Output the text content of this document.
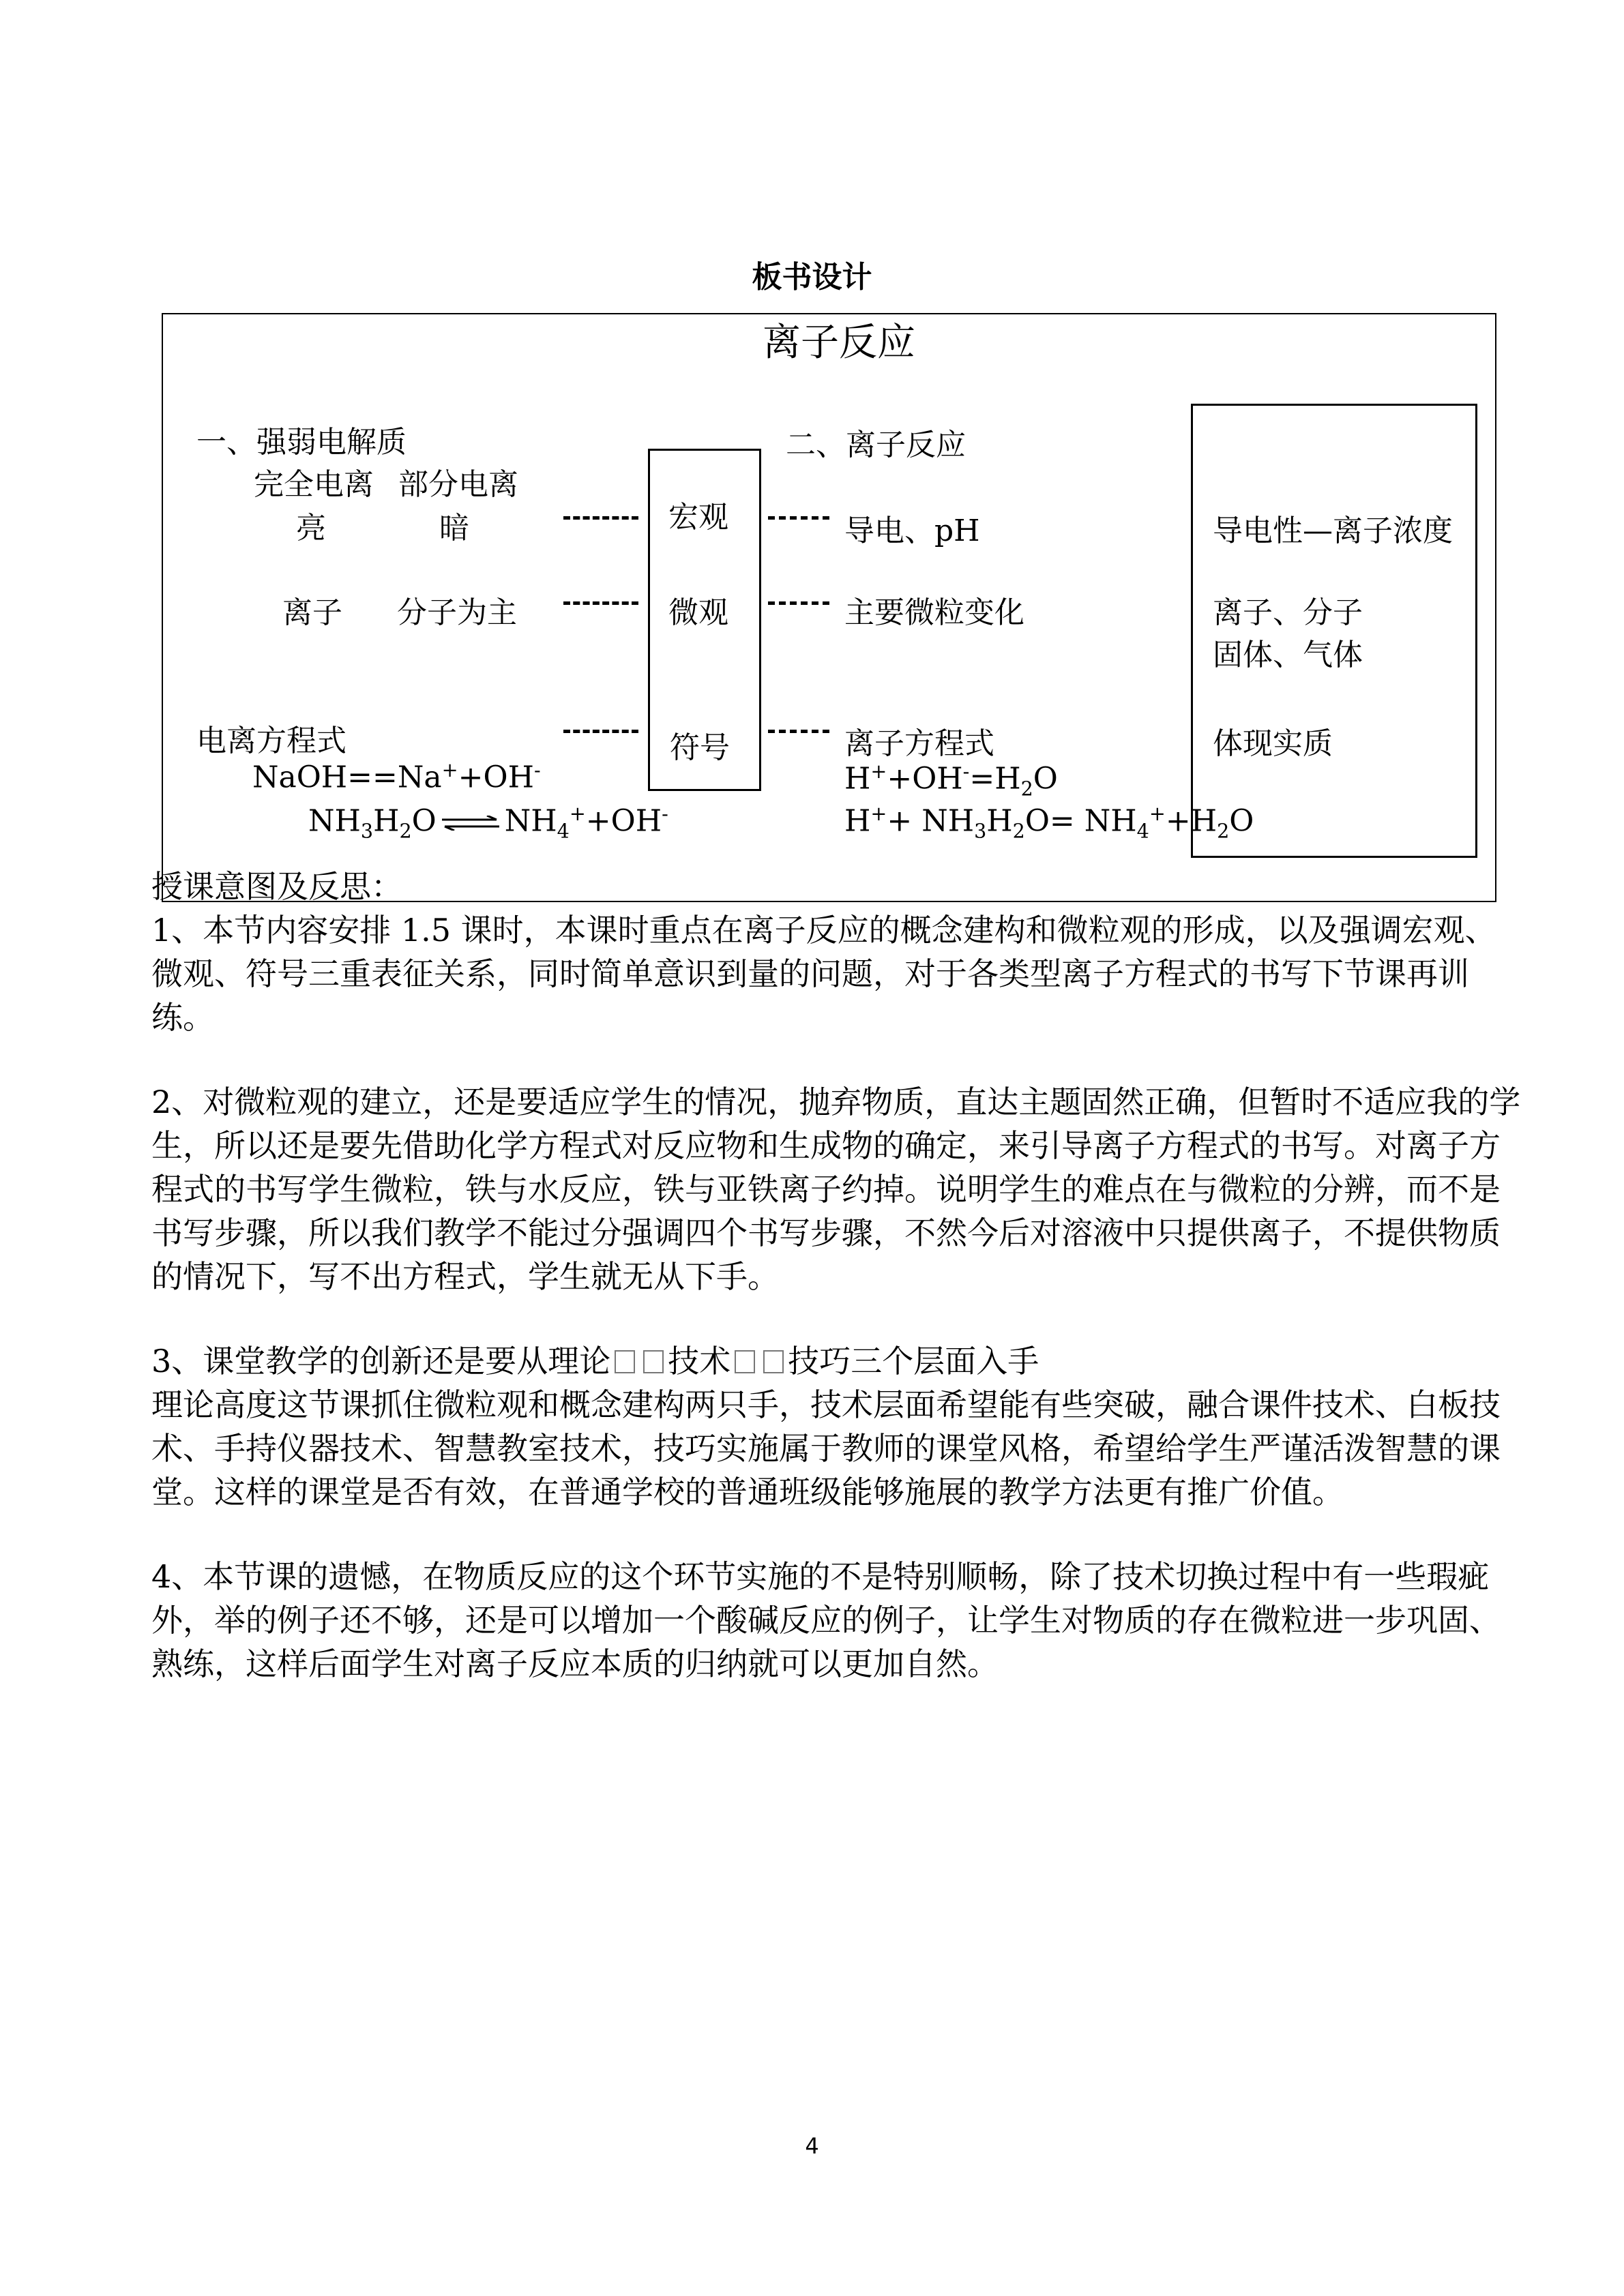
板书设计
离子反应
一、强弱电解质
完全电离 部分电离
亮	暗
离子 分子为主
电离方程式
NaOH==Na++OH-
$NH_3H_2O$ ⇌ $NH_4^++OH^-$
宏观
微观
符号
二、离子反应
导电、pH
主要微粒变化
离子方程式
$H^++OH^-=H_2O$
$H^++ NH_3H_2O= NH_4^++H_2O$
导电性—离子浓度
离子、分子
固体、气体
体现实质

授课意图及反思：

1、本节内容安排 1.5 课时，本课时重点在离子反应的概念建构和微粒观的形成，以及强调宏观、微观、符号三重表征关系，同时简单意识到量的问题，对于各类型离子方程式的书写下节课再训练。

2、对微粒观的建立，还是要适应学生的情况，抛弃物质，直达主题固然正确，但暂时不适应我的学生，所以还是要先借助化学方程式对反应物和生成物的确定，来引导离子方程式的书写。对离子方程式的书写学生微粒，铁与水反应，铁与亚铁离子约掉。说明学生的难点在与微粒的分辨，而不是书写步骤，所以我们教学不能过分强调四个书写步骤，不然今后对溶液中只提供离子，不提供物质的情况下，写不出方程式，学生就无从下手。

3、课堂教学的创新还是要从理论 技术 技巧三个层面入手

理论高度这节课抓住微粒观和概念建构两只手，技术层面希望能有些突破，融合课件技术、白板技术、手持仪器技术、智慧教室技术，技巧实施属于教师的课堂风格，希望给学生严谨活泼智慧的课堂。这样的课堂是否有效，在普通学校的普通班级能够施展的教学方法更有推广价值。

4、本节课的遗憾，在物质反应的这个环节实施的不是特别顺畅，除了技术切换过程中有一些瑕疵外，举的例子还不够，还是可以增加一个酸碱反应的例子，让学生对物质的存在微粒进一步巩固、熟练，这样后面学生对离子反应本质的归纳就可以更加自然。

4
